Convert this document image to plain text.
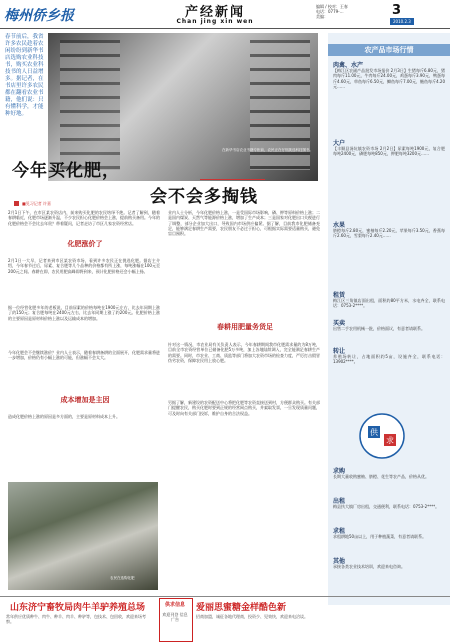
梅州侨乡报	产经新闻
Chan jing xin wen
编辑 / 校对：王春
电话：0779-…
美编：	3
2010.2.3
春节前后，我省许多农民趁着农闲纷纷到新华书店选购农业科技书，购买农业科技书的人日益增多。据记者，在书店里许多农民都在翻看农业书籍，他们说：只有懂科学，才能种好地。
在新华书店农业书籍专柜前，农民正在仔细挑选科技图书。
今年买化肥，
会不会多掏钱
■见习记者 许嘉
2月1日下午，在市区某农资店内，前来购买化肥的农民络绎不绝。记者了解到，随着春耕临近，化肥市场逐渐升温，不少农民担心化肥价格会上涨，提前购买备用。今年的化肥价格会不会比去年贵？带着疑问，记者走访了市区几家农资经营店。
化肥涨价了
2月1日一大早，记者来到市区某农资市场，看到许多农民正在挑选化肥。据店主介绍，今年春节过后，尿素、复合肥等几个品种的价格都有所上涨，每吨涨幅在100元至200元之间。春耕在即，农民用肥高峰即将到来，预计化肥价格还会小幅上扬。
据一位经营化肥多年的老板说，目前尿素的价格每吨在1900元左右，比去年同期上涨了约150元；复合肥每吨在2400元左右，比去年同期上涨了约200元。化肥价格上涨的主要原因是原材料价格上涨以及运输成本的增加。
今年化肥会不会继续涨价？业内人士表示，随着春耕备耕的全面展开，化肥需求量将进一步增加，价格仍有小幅上涨的可能，但涨幅不会太大。
成本增加是主因
造成化肥价格上涨的原因是多方面的，主要是原材料成本上升。
农民在选购化肥
业内人士分析，今年化肥价格上涨，一是受国际市场影响，磷、钾等原料价格上涨；二是国内煤炭、天然气等能源价格上涨，增加了生产成本；三是国家对化肥出口关税进行了调整，部分企业加大出口，导致国内市场供应偏紧。据了解，目前我市化肥储备充足，能够满足春耕生产需要，农民朋友不必过于担心，可根据实际需要适量购买，避免盲目囤积。
春耕用肥量务货足
针对这一情况，市农业局有关负责人表示，今年春耕期间我市化肥需求量约为8万吨，目前全市农资经营单位已储备化肥5万多吨，加上各地陆续调入，完全能满足春耕生产的需要。同时，市农业、工商、质监等部门将加大农资市场的检查力度，严厉打击假冒伪劣农资，保障农民用上放心肥。
另据了解，新建设的农资配送中心将把化肥等农资直接送到村，方便群众购买。有关部门提醒农民，购买化肥时要到正规的经营网点购买，并索取发票，一旦发现质量问题，可及时向有关部门投诉，维护自身的合法权益。
农产品市场行情
肉禽、水产
【梅江区农副产品批发市场报价 2月3日】生猪每斤6.80元，猪肉每斤11.00元，牛肉每斤24.00元，鸡蛋每斤3.90元，鸭蛋每斤4.60元，草鱼每斤6.50元，鲫鱼每斤7.00元，鲢鱼每斤4.20元……
大户
【丰顺县汤坑镇农资市场 2月2日】尿素每吨1900元，复合肥每吨2400元，磷肥每吨850元，钾肥每吨3200元……
水果
脐橙每斤2.80元，蜜柚每斤2.20元，苹果每斤3.50元，香蕉每斤2.60元，雪梨每斤2.40元……
租赁
梅江区三角镇店面出租，面积约80平方米，水电齐全，联系电话：0753-2****。
买卖
出售二手农用机械一批，价格面议，有意者请联系。
转让
养殖场转让，占地面积约5亩，设施齐全，联系电话：13902****。
供
求
求购
长期大量收购蜜柚、脐橙、花生等农产品，价格从优。
出租
梅县扶大镇厂房出租，交通便利，联系电话：0753-2****。
求租
求租耕地50亩以上，用于种植蔬菜，有意者请联系。
其他
承接各类农业技术培训，欢迎来电咨询。
山东济宁畜牧局肉牛羊驴养殖总场
常年供应优质种牛、肉牛、种羊、肉羊、种驴等，包技术、包回收，欢迎来场考察。
供求信息
欢迎刊登 信息广告
爱丽思蜜糖金样酷色新
招商加盟，诚征各地代理商，投资少、见效快，欢迎来电洽谈。
